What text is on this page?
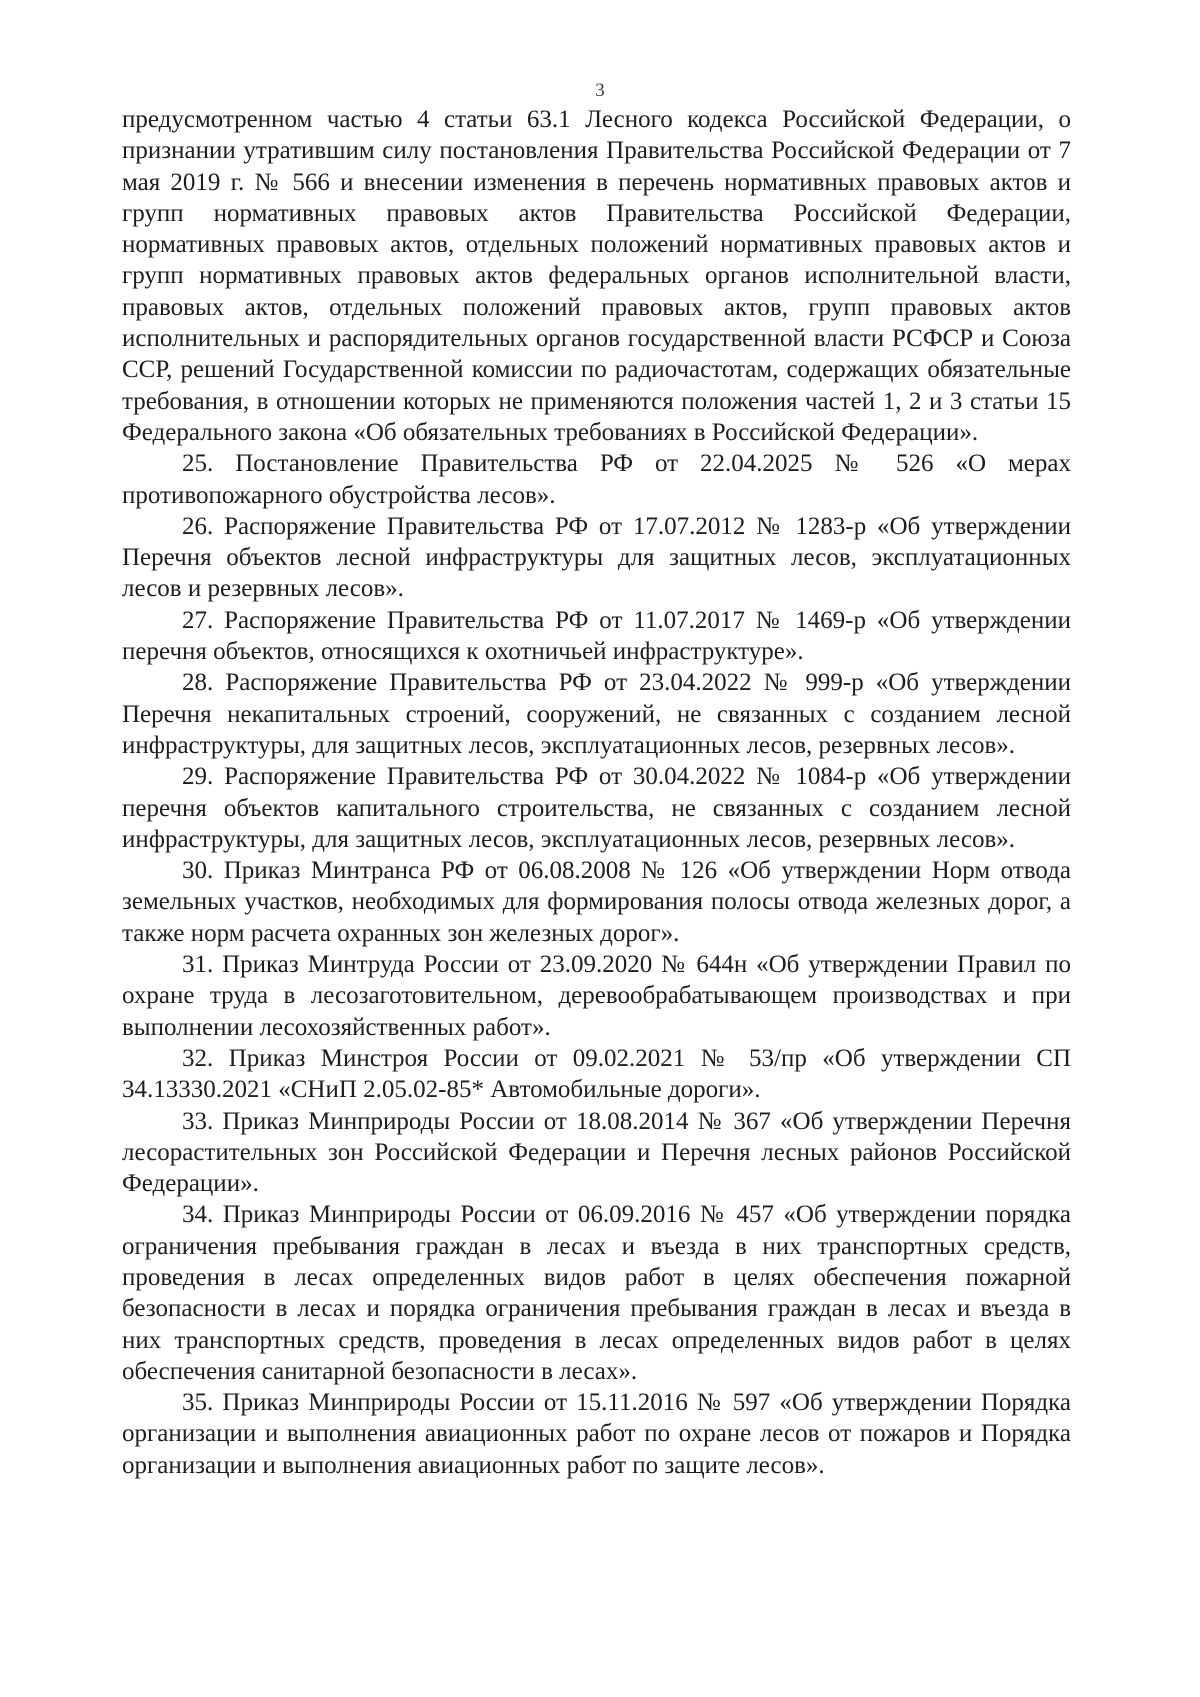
3

предусмотренном частью 4 статьи 63.1 Лесного кодекса Российской Федерации, о признании утратившим силу постановления Правительства Российской Федерации от 7 мая 2019 г. № 566 и внесении изменения в перечень нормативных правовых актов и групп нормативных правовых актов Правительства Российской Федерации, нормативных правовых актов, отдельных положений нормативных правовых актов и групп нормативных правовых актов федеральных органов исполнительной власти, правовых актов, отдельных положений правовых актов, групп правовых актов исполнительных и распорядительных органов государственной власти РСФСР и Союза ССР, решений Государственной комиссии по радиочастотам, содержащих обязательные требования, в отношении которых не применяются положения частей 1, 2 и 3 статьи 15 Федерального закона «Об обязательных требованиях в Российской Федерации».

25. Постановление Правительства РФ от 22.04.2025 № 526 «О мерах противопожарного обустройства лесов».

26. Распоряжение Правительства РФ от 17.07.2012 № 1283-р «Об утверждении Перечня объектов лесной инфраструктуры для защитных лесов, эксплуатационных лесов и резервных лесов».

27. Распоряжение Правительства РФ от 11.07.2017 № 1469-р «Об утверждении перечня объектов, относящихся к охотничьей инфраструктуре».

28. Распоряжение Правительства РФ от 23.04.2022 № 999-р «Об утверждении Перечня некапитальных строений, сооружений, не связанных с созданием лесной инфраструктуры, для защитных лесов, эксплуатационных лесов, резервных лесов».

29. Распоряжение Правительства РФ от 30.04.2022 № 1084-р «Об утверждении перечня объектов капитального строительства, не связанных с созданием лесной инфраструктуры, для защитных лесов, эксплуатационных лесов, резервных лесов».

30. Приказ Минтранса РФ от 06.08.2008 № 126 «Об утверждении Норм отвода земельных участков, необходимых для формирования полосы отвода железных дорог, а также норм расчета охранных зон железных дорог».

31. Приказ Минтруда России от 23.09.2020 № 644н «Об утверждении Правил по охране труда в лесозаготовительном, деревообрабатывающем производствах и при выполнении лесохозяйственных работ».

32. Приказ Минстроя России от 09.02.2021 № 53/пр «Об утверждении СП 34.13330.2021 «СНиП 2.05.02-85* Автомобильные дороги».

33. Приказ Минприроды России от 18.08.2014 № 367 «Об утверждении Перечня лесорастительных зон Российской Федерации и Перечня лесных районов Российской Федерации».

34. Приказ Минприроды России от 06.09.2016 № 457 «Об утверждении порядка ограничения пребывания граждан в лесах и въезда в них транспортных средств, проведения в лесах определенных видов работ в целях обеспечения пожарной безопасности в лесах и порядка ограничения пребывания граждан в лесах и въезда в них транспортных средств, проведения в лесах определенных видов работ в целях обеспечения санитарной безопасности в лесах».

35. Приказ Минприроды России от 15.11.2016 № 597 «Об утверждении Порядка организации и выполнения авиационных работ по охране лесов от пожаров и Порядка организации и выполнения авиационных работ по защите лесов».
